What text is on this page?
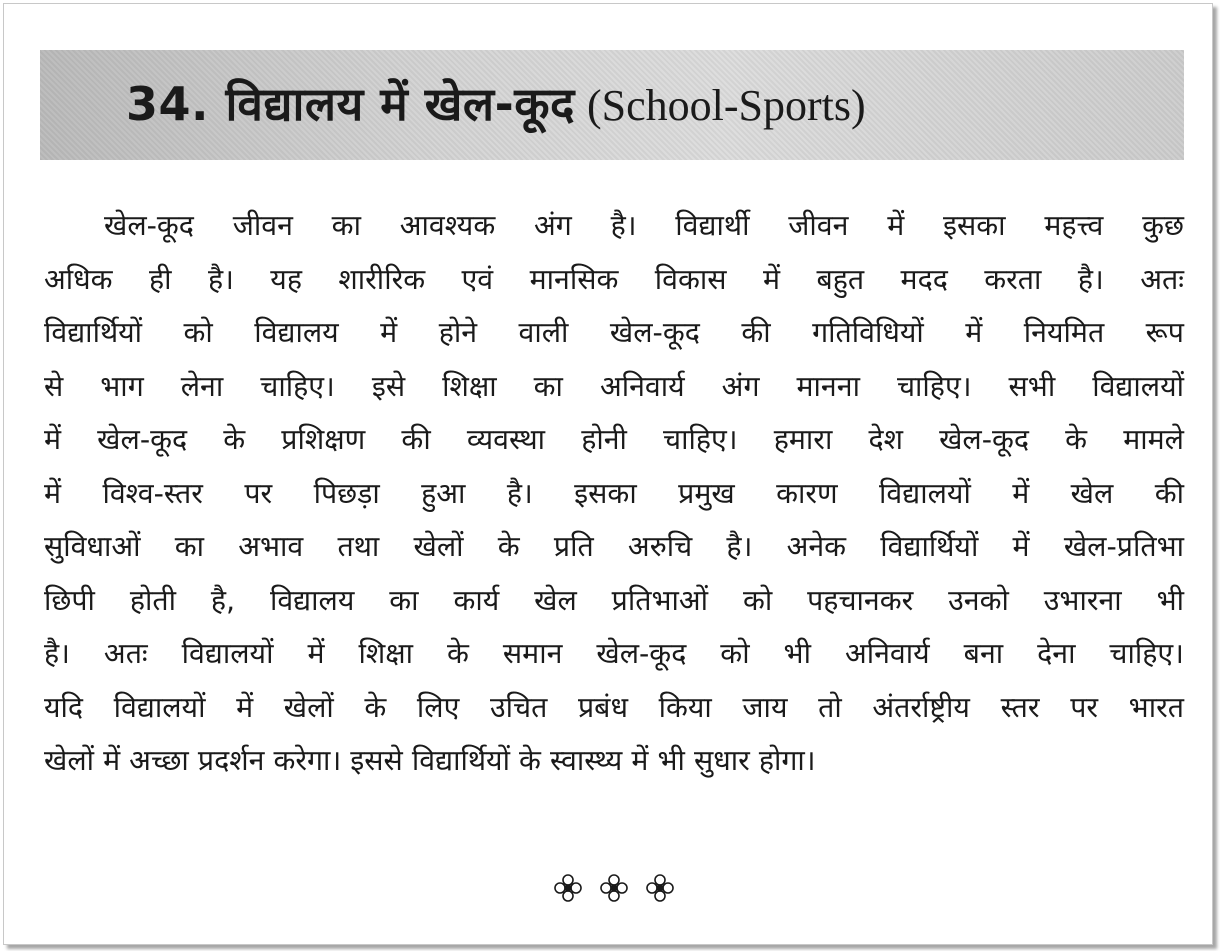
34. विद्यालय में खेल-कूद (School-Sports)
खेल-कूद जीवन का आवश्यक अंग है। विद्यार्थी जीवन में इसका महत्त्व कुछ
अधिक ही है। यह शारीरिक एवं मानसिक विकास में बहुत मदद करता है। अतः
विद्यार्थियों को विद्यालय में होने वाली खेल-कूद की गतिविधियों में नियमित रूप
से भाग लेना चाहिए। इसे शिक्षा का अनिवार्य अंग मानना चाहिए। सभी विद्यालयों
में खेल-कूद के प्रशिक्षण की व्यवस्था होनी चाहिए। हमारा देश खेल-कूद के मामले
में विश्व-स्तर पर पिछड़ा हुआ है। इसका प्रमुख कारण विद्यालयों में खेल की
सुविधाओं का अभाव तथा खेलों के प्रति अरुचि है। अनेक विद्यार्थियों में खेल-प्रतिभा
छिपी होती है, विद्यालय का कार्य खेल प्रतिभाओं को पहचानकर उनको उभारना भी
है। अतः विद्यालयों में शिक्षा के समान खेल-कूद को भी अनिवार्य बना देना चाहिए।
यदि विद्यालयों में खेलों के लिए उचित प्रबंध किया जाय तो अंतर्राष्ट्रीय स्तर पर भारत
खेलों में अच्छा प्रदर्शन करेगा। इससे विद्यार्थियों के स्वास्थ्य में भी सुधार होगा।
